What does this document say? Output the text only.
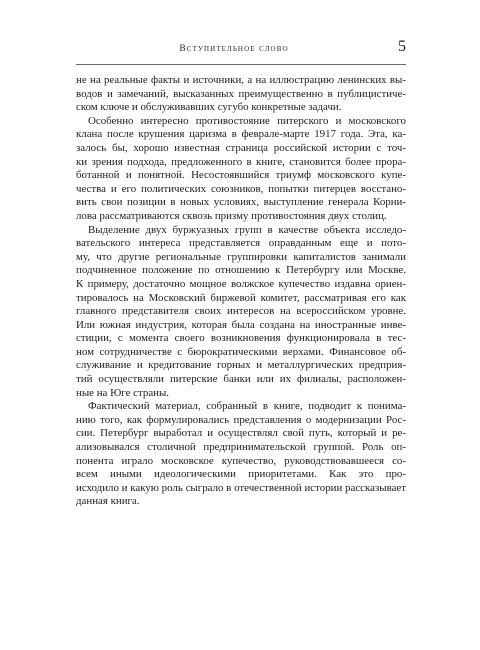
Вступительное слово	5
не на реальные факты и источники, а на иллюстрацию ленинских вы-
водов и замечаний, высказанных преимущественно в публицистиче-
ском ключе и обслуживавших сугубо конкретные задачи.
Особенно интересно противостояние питерского и московского
клана после крушения царизма в феврале-марте 1917 года. Эта, ка-
залось бы, хорошо известная страница российской истории с точ-
ки зрения подхода, предложенного в книге, становится более прора-
ботанной и понятной. Несостоявшийся триумф московского купе-
чества и его политических союзников, попытки питерцев восстано-
вить свои позиции в новых условиях, выступление генерала Корни-
лова рассматриваются сквозь призму противостояния двух столиц.
Выделение двух буржуазных групп в качестве объекта исследо-
вательского интереса представляется оправданным еще и пото-
му, что другие региональные группировки капиталистов занимали
подчиненное положение по отношению к Петербургу или Москве.
К примеру, достаточно мощное волжское купечество издавна ориен-
тировалось на Московский биржевой комитет, рассматривая его как
главного представителя своих интересов на всероссийском уровне.
Или южная индустрия, которая была создана на иностранные инве-
стиции, с момента своего возникновения функционировала в тес-
ном сотрудничестве с бюрократическими верхами. Финансовое об-
служивание и кредитование горных и металлургических предприя-
тий осуществляли питерские банки или их филиалы, расположен-
ные на Юге страны.
Фактический материал, собранный в книге, подводит к понима-
нию того, как формулировались представления о модернизации Рос-
сии. Петербург выработал и осуществлял свой путь, который и ре-
ализовывался столичной предпринимательской группой. Роль оп-
понента играло московское купечество, руководствовавшееся со-
всем иными идеологическими приоритетами. Как это про-
исходило и какую роль сыграло в отечественной истории рассказывает
данная книга.
